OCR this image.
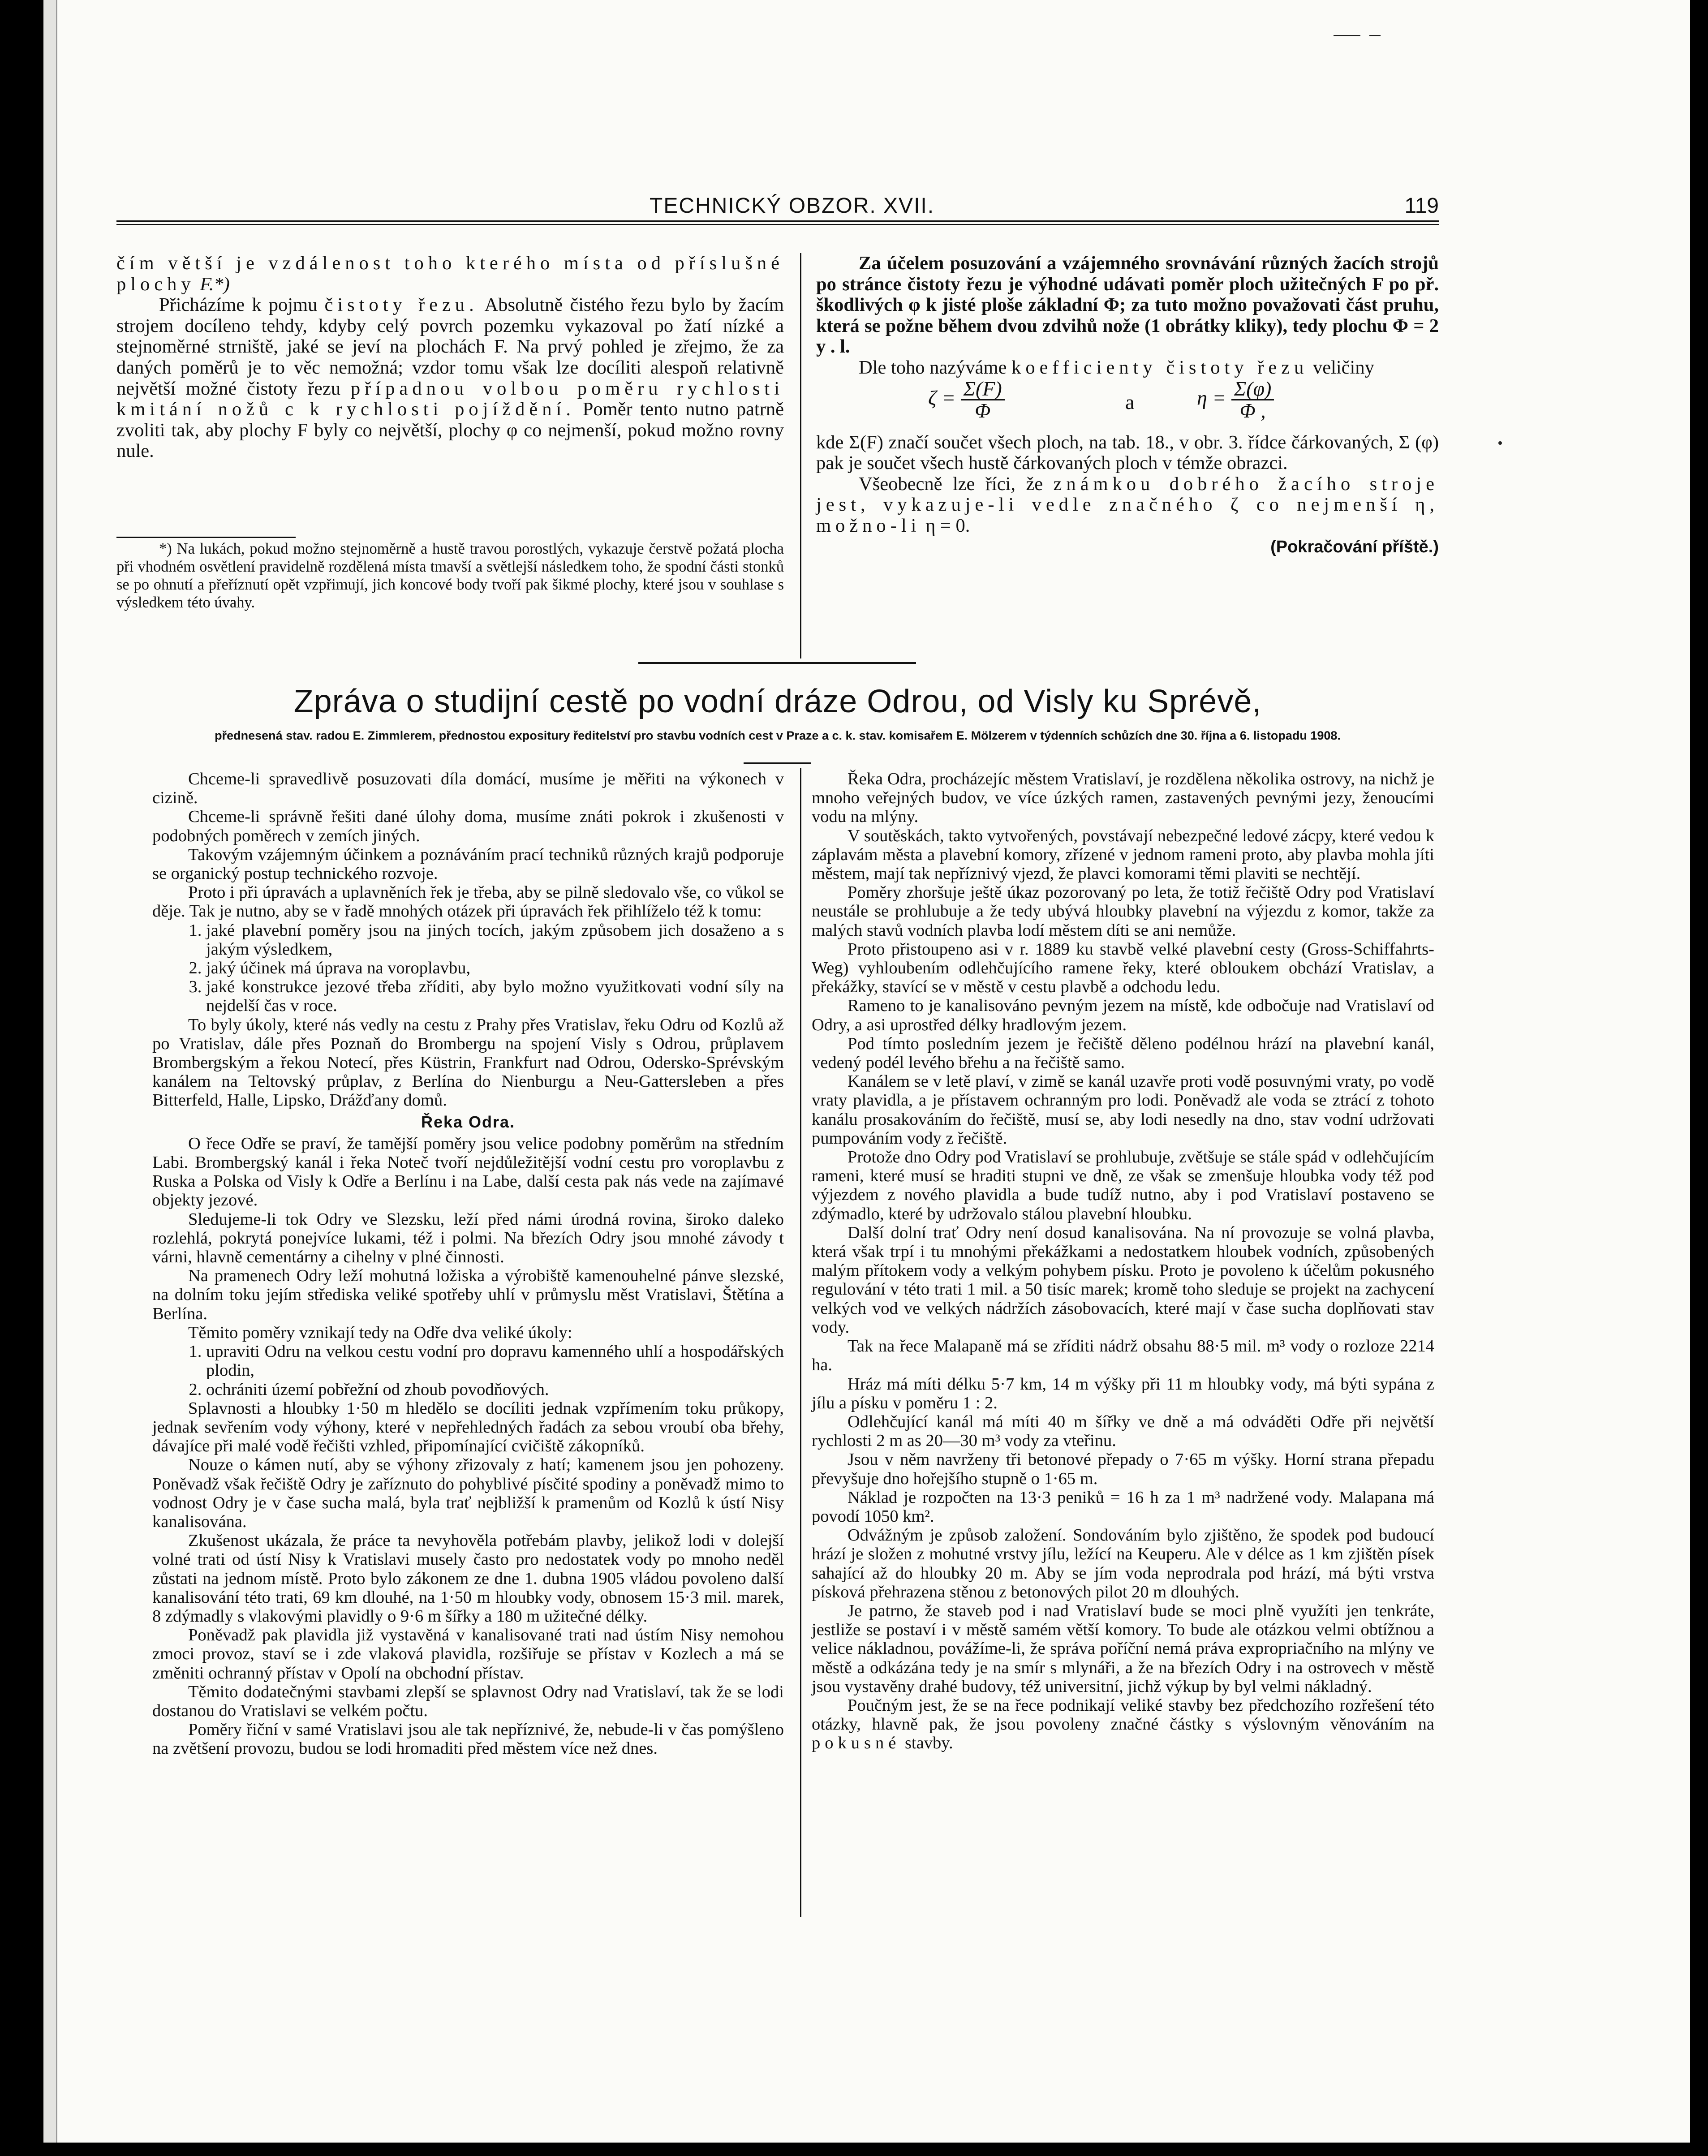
TECHNICKÝ OBZOR. XVII.	119

čím větší je vzdálenost toho kterého místa od příslušné plochy F.*)

Přicházíme k pojmu čistoty řezu. Absolutně čistého řezu bylo by žacím strojem docíleno tehdy, kdyby celý povrch pozemku vykazoval po žatí nízké a stejnoměrné strniště, jaké se jeví na plochách F. Na prvý pohled je zřejmo, že za daných poměrů je to věc nemožná; vzdor tomu však lze docíliti alespoň relativně největší možné čistoty řezu případnou volbou poměru rychlosti kmitání nožů c k rychlosti pojíždění. Poměr tento nutno patrně zvoliti tak, aby plochy F byly co největší, plochy φ co nejmenší, pokud možno rovny nule.

*) Na lukách, pokud možno stejnoměrně a hustě travou porostlých, vykazuje čerstvě požatá plocha při vhodném osvětlení pravidelně rozdělená místa tmavší a světlejší následkem toho, že spodní části stonků se po ohnutí a přeříznutí opět vzpřimují, jich koncové body tvoří pak šikmé plochy, které jsou v souhlase s výsledkem této úvahy.

Za účelem posuzování a vzájemného srovnávání různých žacích strojů po stránce čistoty řezu je výhodné udávati poměr ploch užitečných F po př. škodlivých φ k jisté ploše základní Φ; za tuto možno považovati část pruhu, která se požne během dvou zdvihů nože (1 obrátky kliky), tedy plochu Φ = 2 y . l.

Dle toho nazýváme koefficienty čistoty řezu veličiny

$\zeta = \frac{\Sigma(F)}{\Phi}$	a	$\eta = \frac{\Sigma(\varphi)}{\Phi ,}$

kde Σ(F) značí součet všech ploch, na tab. 18., v obr. 3. řídce čárkovaných, Σ (φ) pak je součet všech hustě čárkovaných ploch v témže obrazci.

Všeobecně lze říci, že známkou dobrého žacího stroje jest, vykazuje-li vedle značného ζ co nejmenší η, možno-li η = 0.

(Pokračování příště.)
Zpráva o studijní cestě po vodní dráze Odrou, od Visly ku Sprévě,
přednesená stav. radou E. Zimmlerem, přednostou expositury ředitelství pro stavbu vodních cest v Praze a c. k. stav. komisařem E. Mölzerem v týdenních schůzích dne 30. října a 6. listopadu 1908.

Chceme-li spravedlivě posuzovati díla domácí, musíme je měřiti na výkonech v cizině.

Chceme-li správně řešiti dané úlohy doma, musíme znáti pokrok i zkušenosti v podobných poměrech v zemích jiných.

Takovým vzájemným účinkem a poznáváním prací techniků různých krajů podporuje se organický postup technického rozvoje.

Proto i při úpravách a uplavněních řek je třeba, aby se pilně sledovalo vše, co vůkol se děje. Tak je nutno, aby se v řadě mnohých otázek při úpravách řek přihlíželo též k tomu:

1. jaké plavební poměry jsou na jiných tocích, jakým způsobem jich dosaženo a s jakým výsledkem,
2. jaký účinek má úprava na voroplavbu,
3. jaké konstrukce jezové třeba zříditi, aby bylo možno využitkovati vodní síly na nejdelší čas v roce.

To byly úkoly, které nás vedly na cestu z Prahy přes Vratislav, řeku Odru od Kozlů až po Vratislav, dále přes Poznaň do Brombergu na spojení Visly s Odrou, průplavem Brombergským a řekou Notecí, přes Küstrin, Frankfurt nad Odrou, Odersko-Sprévským kanálem na Teltovský průplav, z Berlína do Nienburgu a Neu-Gattersleben a přes Bitterfeld, Halle, Lipsko, Drážďany domů.

Řeka Odra.

O řece Odře se praví, že tamější poměry jsou velice podobny poměrům na středním Labi. Brombergský kanál i řeka Noteč tvoří nejdůležitější vodní cestu pro voroplavbu z Ruska a Polska od Visly k Odře a Berlínu i na Labe, další cesta pak nás vede na zajímavé objekty jezové.

Sledujeme-li tok Odry ve Slezsku, leží před námi úrodná rovina, široko daleko rozlehlá, pokrytá ponejvíce lukami, též i polmi. Na březích Odry jsou mnohé závody t várni, hlavně cementárny a cihelny v plné činnosti.

Na pramenech Odry leží mohutná ložiska a výrobiště kamenouhelné pánve slezské, na dolním toku jejím střediska veliké spotřeby uhlí v průmyslu měst Vratislavi, Štětína a Berlína.

Těmito poměry vznikají tedy na Odře dva veliké úkoly:

1. upraviti Odru na velkou cestu vodní pro dopravu kamenného uhlí a hospodářských plodin,
2. ochrániti území pobřežní od zhoub povodňových.

Splavnosti a hloubky 1·50 m hledělo se docíliti jednak vzpřímením toku průkopy, jednak sevřením vody výhony, které v nepřehledných řadách za sebou vroubí oba břehy, dávajíce při malé vodě řečišti vzhled, připomínající cvičiště zákopníků.

Nouze o kámen nutí, aby se výhony zřizovaly z hatí; kamenem jsou jen pohozeny. Poněvadž však řečiště Odry je zaříznuto do pohyblivé písčité spodiny a poněvadž mimo to vodnost Odry je v čase sucha malá, byla trať nejbližší k pramenům od Kozlů k ústí Nisy kanalisována.

Zkušenost ukázala, že práce ta nevyhověla potřebám plavby, jelikož lodi v dolejší volné trati od ústí Nisy k Vratislavi musely často pro nedostatek vody po mnoho neděl zůstati na jednom místě. Proto bylo zákonem ze dne 1. dubna 1905 vládou povoleno další kanalisování této trati, 69 km dlouhé, na 1·50 m hloubky vody, obnosem 15·3 mil. marek, 8 zdýmadly s vlakovými plavidly o 9·6 m šířky a 180 m užitečné délky.

Poněvadž pak plavidla již vystavěná v kanalisované trati nad ústím Nisy nemohou zmoci provoz, staví se i zde vlaková plavidla, rozšiřuje se přístav v Kozlech a má se změniti ochranný přístav v Opolí na obchodní přístav.

Těmito dodatečnými stavbami zlepší se splavnost Odry nad Vratislaví, tak že se lodi dostanou do Vratislavi se velkém počtu.

Poměry řiční v samé Vratislavi jsou ale tak nepříznivé, že, nebude-li v čas pomýšleno na zvětšení provozu, budou se lodi hromaditi před městem více než dnes.

Řeka Odra, procházejíc městem Vratislaví, je rozdělena několika ostrovy, na nichž je mnoho veřejných budov, ve více úzkých ramen, zastavených pevnými jezy, ženoucími vodu na mlýny.

V soutěskách, takto vytvořených, povstávají nebezpečné ledové zácpy, které vedou k záplavám města a plavební komory, zřízené v jednom rameni proto, aby plavba mohla jíti městem, mají tak nepříznivý vjezd, že plavci komorami těmi plaviti se nechtějí.

Poměry zhoršuje ještě úkaz pozorovaný po leta, že totiž řečiště Odry pod Vratislaví neustále se prohlubuje a že tedy ubývá hloubky plavební na výjezdu z komor, takže za malých stavů vodních plavba lodí městem díti se ani nemůže.

Proto přistoupeno asi v r. 1889 ku stavbě velké plavební cesty (Gross-Schiffahrts-Weg) vyhloubením odlehčujícího ramene řeky, které obloukem obchází Vratislav, a překážky, stavící se v městě v cestu plavbě a odchodu ledu.

Rameno to je kanalisováno pevným jezem na místě, kde odbočuje nad Vratislaví od Odry, a asi uprostřed délky hradlovým jezem.

Pod tímto posledním jezem je řečiště děleno podélnou hrází na plavební kanál, vedený podél levého břehu a na řečiště samo.

Kanálem se v letě plaví, v zimě se kanál uzavře proti vodě posuvnými vraty, po vodě vraty plavidla, a je přístavem ochranným pro lodi. Poněvadž ale voda se ztrácí z tohoto kanálu prosakováním do řečiště, musí se, aby lodi nesedly na dno, stav vodní udržovati pumpováním vody z řečiště.

Protože dno Odry pod Vratislaví se prohlubuje, zvětšuje se stále spád v odlehčujícím rameni, které musí se hraditi stupni ve dně, ze však se zmenšuje hloubka vody též pod výjezdem z nového plavidla a bude tudíž nutno, aby i pod Vratislaví postaveno se zdýmadlo, které by udržovalo stálou plavební hloubku.

Další dolní trať Odry není dosud kanalisována. Na ní provozuje se volná plavba, která však trpí i tu mnohými překážkami a nedostatkem hloubek vodních, způsobených malým přítokem vody a velkým pohybem písku. Proto je povoleno k účelům pokusného regulování v této trati 1 mil. a 50 tisíc marek; kromě toho sleduje se projekt na zachycení velkých vod ve velkých nádržích zásobovacích, které mají v čase sucha doplňovati stav vody.

Tak na řece Malapaně má se zříditi nádrž obsahu 88·5 mil. m³ vody o rozloze 2214 ha.

Hráz má míti délku 5·7 km, 14 m výšky při 11 m hloubky vody, má býti sypána z jílu a písku v poměru 1 : 2.

Odlehčující kanál má míti 40 m šířky ve dně a má odváděti Odře při největší rychlosti 2 m as 20—30 m³ vody za vteřinu.

Jsou v něm navrženy tři betonové přepady o 7·65 m výšky. Horní strana přepadu převyšuje dno hořejšího stupně o 1·65 m.

Náklad je rozpočten na 13·3 peniků = 16 h za 1 m³ nadržené vody. Malapana má povodí 1050 km².

Odvážným je způsob založení. Sondováním bylo zjištěno, že spodek pod budoucí hrází je složen z mohutné vrstvy jílu, ležící na Keuperu. Ale v délce as 1 km zjištěn písek sahající až do hloubky 20 m. Aby se jím voda neprodrala pod hrází, má býti vrstva písková přehrazena stěnou z betonových pilot 20 m dlouhých.

Je patrno, že staveb pod i nad Vratislaví bude se moci plně využíti jen tenkráte, jestliže se postaví i v městě samém větší komory. To bude ale otázkou velmi obtížnou a velice nákladnou, povážíme-li, že správa poříční nemá práva expropriačního na mlýny ve městě a odkázána tedy je na smír s mlynáři, a že na březích Odry i na ostrovech v městě jsou vystavěny drahé budovy, též universitní, jichž výkup by byl velmi nákladný.

Poučným jest, že se na řece podnikají veliké stavby bez předchozího rozřešení této otázky, hlavně pak, že jsou povoleny značné částky s výslovným věnováním na pokusné stavby.
